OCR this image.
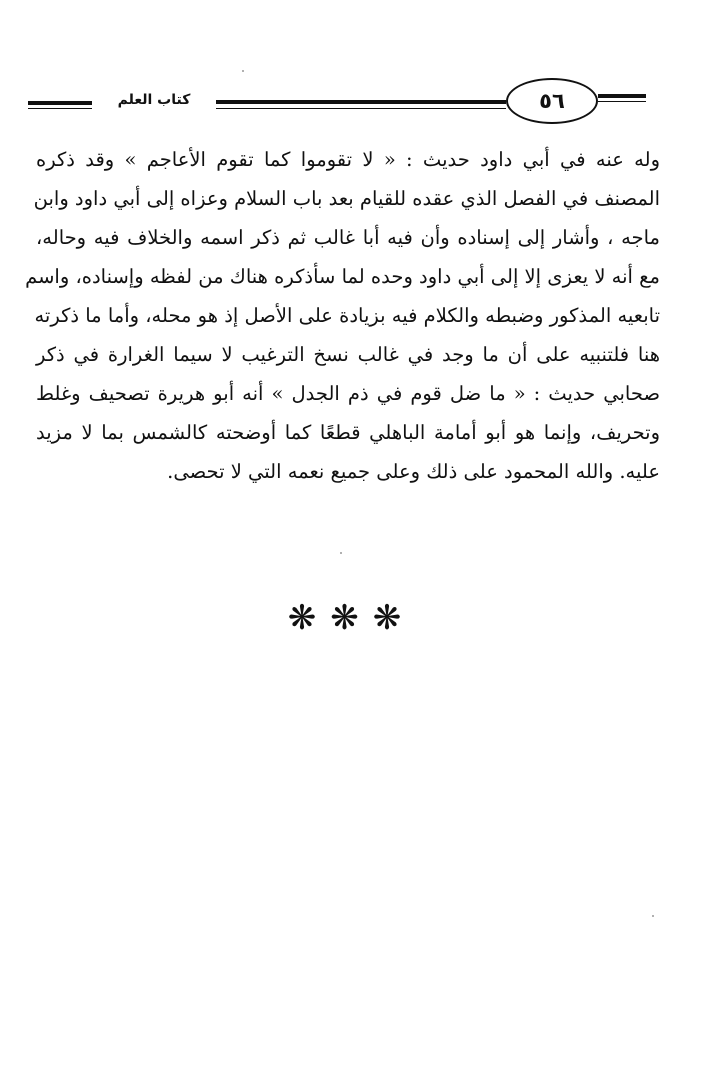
كتاب العلم	٥٦
وله عنه في أبي داود حديث : « لا تقوموا كما تقوم الأعاجم » وقد ذكره
المصنف في الفصل الذي عقده للقيام بعد باب السلام وعزاه إلى أبي داود وابن
ماجه ، وأشار إلى إسناده وأن فيه أبا غالب ثم ذكر اسمه والخلاف فيه وحاله،
مع أنه لا يعزى إلا إلى أبي داود وحده لما سأذكره هناك من لفظه وإسناده، واسم
تابعيه المذكور وضبطه والكلام فيه بزيادة على الأصل إذ هو محله، وأما ما ذكرته
هنا فلتنبيه على أن ما وجد في غالب نسخ الترغيب لا سيما الغرارة في ذكر
صحابي حديث : « ما ضل قوم في ذم الجدل » أنه أبو هريرة تصحيف وغلط
وتحريف، وإنما هو أبو أمامة الباهلي قطعًا كما أوضحته كالشمس بما لا مزيد
عليه. والله المحمود على ذلك وعلى جميع نعمه التي لا تحصى.
❋❋❋
